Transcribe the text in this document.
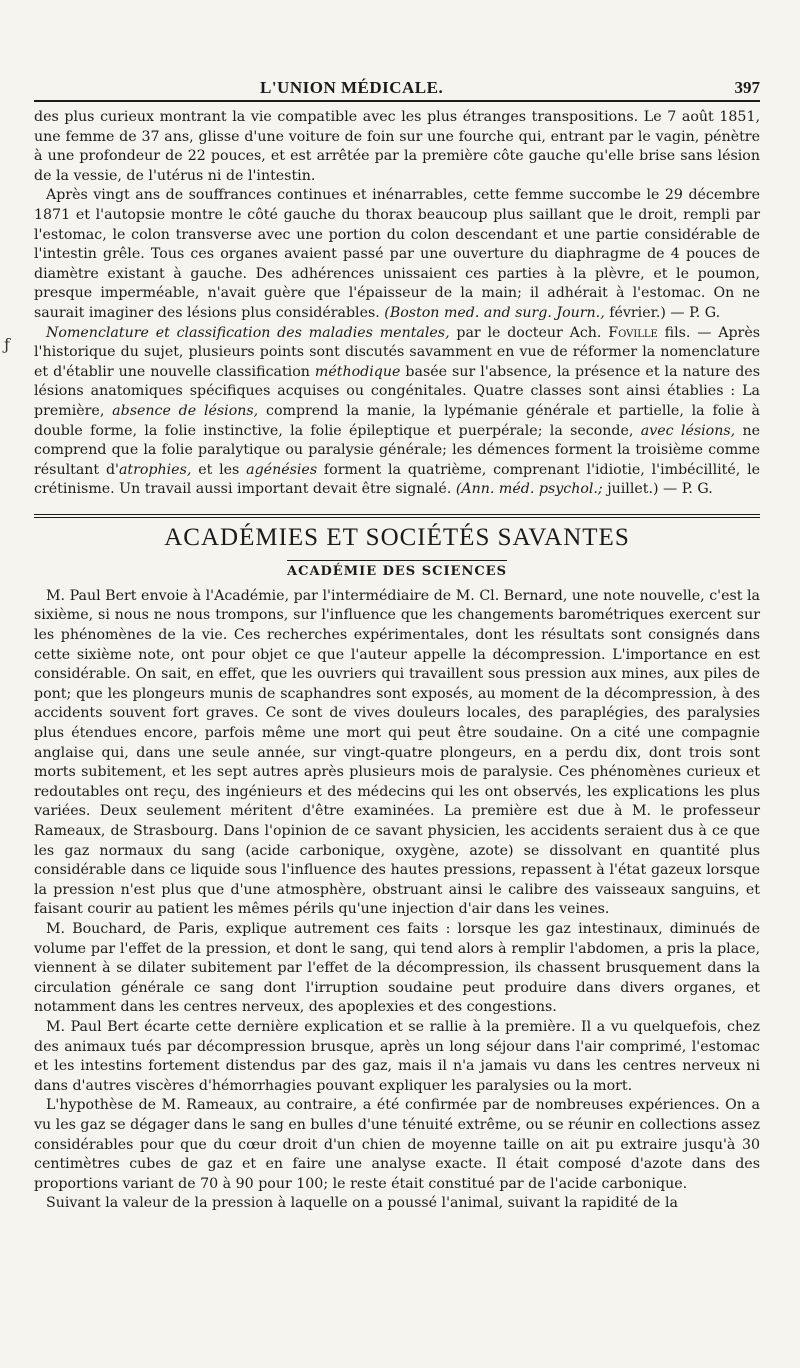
L'UNION MÉDICALE.	397

des plus curieux montrant la vie compatible avec les plus étranges transpositions. Le 7 août 1851, une femme de 37 ans, glisse d'une voiture de foin sur une fourche qui, entrant par le vagin, pénètre à une profondeur de 22 pouces, et est arrêtée par la première côte gauche qu'elle brise sans lésion de la vessie, de l'utérus ni de l'intestin.

Après vingt ans de souffrances continues et inénarrables, cette femme succombe le 29 décembre 1871 et l'autopsie montre le côté gauche du thorax beaucoup plus saillant que le droit, rempli par l'estomac, le colon transverse avec une portion du colon descendant et une partie considérable de l'intestin grêle. Tous ces organes avaient passé par une ouverture du diaphragme de 4 pouces de diamètre existant à gauche. Des adhérences unissaient ces parties à la plèvre, et le poumon, presque imperméable, n'avait guère que l'épaisseur de la main; il adhérait à l'estomac. On ne saurait imaginer des lésions plus considérables. (Boston med. and surg. Journ., février.) — P. G.

Nomenclature et classification des maladies mentales, par le docteur Ach. Foville fils. — Après l'historique du sujet, plusieurs points sont discutés savamment en vue de réformer la nomenclature et d'établir une nouvelle classification méthodique basée sur l'absence, la présence et la nature des lésions anatomiques spécifiques acquises ou congénitales. Quatre classes sont ainsi établies : La première, absence de lésions, comprend la manie, la lypémanie générale et partielle, la folie à double forme, la folie instinctive, la folie épileptique et puerpérale; la seconde, avec lésions, ne comprend que la folie paralytique ou paralysie générale; les démences forment la troisième comme résultant d'atrophies, et les agénésies forment la quatrième, comprenant l'idiotie, l'imbécillité, le crétinisme. Un travail aussi important devait être signalé. (Ann. méd. psychol.; juillet.) — P. G.

ACADÉMIES ET SOCIÉTÉS SAVANTES
ACADÉMIE DES SCIENCES

M. Paul Bert envoie à l'Académie, par l'intermédiaire de M. Cl. Bernard, une note nouvelle, c'est la sixième, si nous ne nous trompons, sur l'influence que les changements barométriques exercent sur les phénomènes de la vie. Ces recherches expérimentales, dont les résultats sont consignés dans cette sixième note, ont pour objet ce que l'auteur appelle la décompression. L'importance en est considérable. On sait, en effet, que les ouvriers qui travaillent sous pression aux mines, aux piles de pont; que les plongeurs munis de scaphandres sont exposés, au moment de la décompression, à des accidents souvent fort graves. Ce sont de vives douleurs locales, des paraplégies, des paralysies plus étendues encore, parfois même une mort qui peut être soudaine. On a cité une compagnie anglaise qui, dans une seule année, sur vingt-quatre plongeurs, en a perdu dix, dont trois sont morts subitement, et les sept autres après plusieurs mois de paralysie. Ces phénomènes curieux et redoutables ont reçu, des ingénieurs et des médecins qui les ont observés, les explications les plus variées. Deux seulement méritent d'être examinées. La première est due à M. le professeur Rameaux, de Strasbourg. Dans l'opinion de ce savant physicien, les accidents seraient dus à ce que les gaz normaux du sang (acide carbonique, oxygène, azote) se dissolvant en quantité plus considérable dans ce liquide sous l'influence des hautes pressions, repassent à l'état gazeux lorsque la pression n'est plus que d'une atmosphère, obstruant ainsi le calibre des vaisseaux sanguins, et faisant courir au patient les mêmes périls qu'une injection d'air dans les veines.

M. Bouchard, de Paris, explique autrement ces faits : lorsque les gaz intestinaux, diminués de volume par l'effet de la pression, et dont le sang, qui tend alors à remplir l'abdomen, a pris la place, viennent à se dilater subitement par l'effet de la décompression, ils chassent brusquement dans la circulation générale ce sang dont l'irruption soudaine peut produire dans divers organes, et notamment dans les centres nerveux, des apoplexies et des congestions.

M. Paul Bert écarte cette dernière explication et se rallie à la première. Il a vu quelquefois, chez des animaux tués par décompression brusque, après un long séjour dans l'air comprimé, l'estomac et les intestins fortement distendus par des gaz, mais il n'a jamais vu dans les centres nerveux ni dans d'autres viscères d'hémorrhagies pouvant expliquer les paralysies ou la mort.

L'hypothèse de M. Rameaux, au contraire, a été confirmée par de nombreuses expériences. On a vu les gaz se dégager dans le sang en bulles d'une ténuité extrême, ou se réunir en collections assez considérables pour que du cœur droit d'un chien de moyenne taille on ait pu extraire jusqu'à 30 centimètres cubes de gaz et en faire une analyse exacte. Il était composé d'azote dans des proportions variant de 70 à 90 pour 100; le reste était constitué par de l'acide carbonique.

Suivant la valeur de la pression à laquelle on a poussé l'animal, suivant la rapidité de la

ƒ
